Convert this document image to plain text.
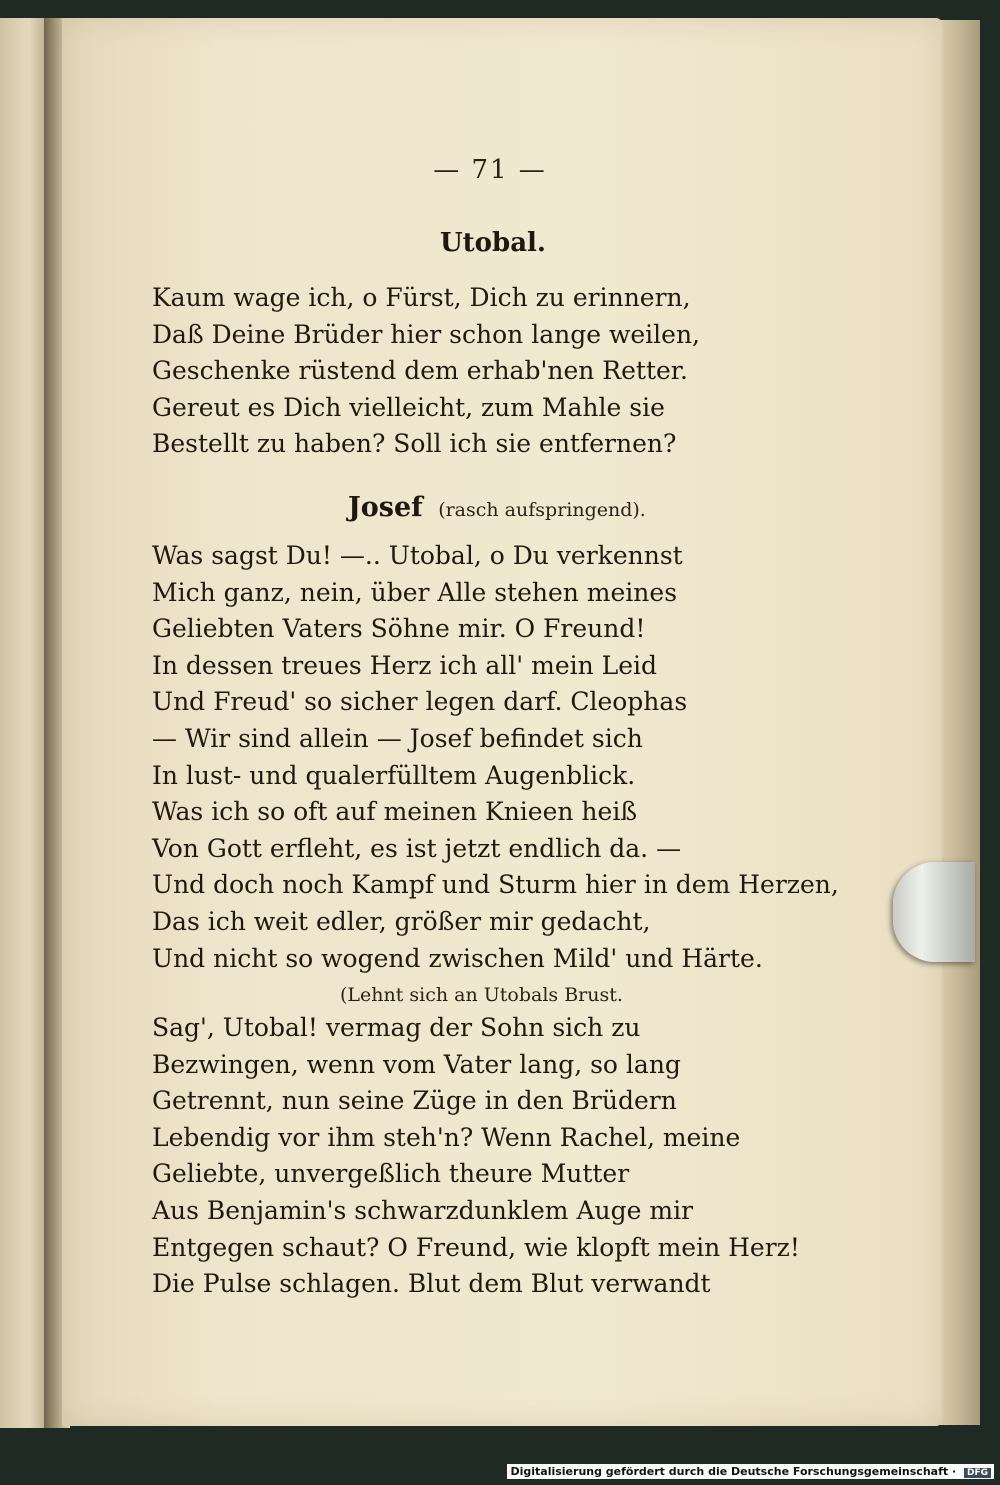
— 71 —
Utobal.
Kaum wage ich, o Fürst, Dich zu erinnern,
Daß Deine Brüder hier schon lange weilen,
Geschenke rüstend dem erhab'nen Retter.
Gereut es Dich vielleicht, zum Mahle sie
Bestellt zu haben? Soll ich sie entfernen?
Josef (rasch aufspringend).
Was sagst Du! —.. Utobal, o Du verkennst
Mich ganz, nein, über Alle stehen meines
Geliebten Vaters Söhne mir. O Freund!
In dessen treues Herz ich all' mein Leid
Und Freud' so sicher legen darf. Cleophas
— Wir sind allein — Josef befindet sich
In lust- und qualerfülltem Augenblick.
Was ich so oft auf meinen Knieen heiß
Von Gott erfleht, es ist jetzt endlich da. —
Und doch noch Kampf und Sturm hier in dem Herzen,
Das ich weit edler, größer mir gedacht,
Und nicht so wogend zwischen Mild' und Härte.
(Lehnt sich an Utobals Brust.
Sag', Utobal! vermag der Sohn sich zu
Bezwingen, wenn vom Vater lang, so lang
Getrennt, nun seine Züge in den Brüdern
Lebendig vor ihm steh'n? Wenn Rachel, meine
Geliebte, unvergeßlich theure Mutter
Aus Benjamin's schwarzdunklem Auge mir
Entgegen schaut? O Freund, wie klopft mein Herz!
Die Pulse schlagen. Blut dem Blut verwandt
Digitalisierung gefördert durch die Deutsche Forschungsgemeinschaft · DFG
